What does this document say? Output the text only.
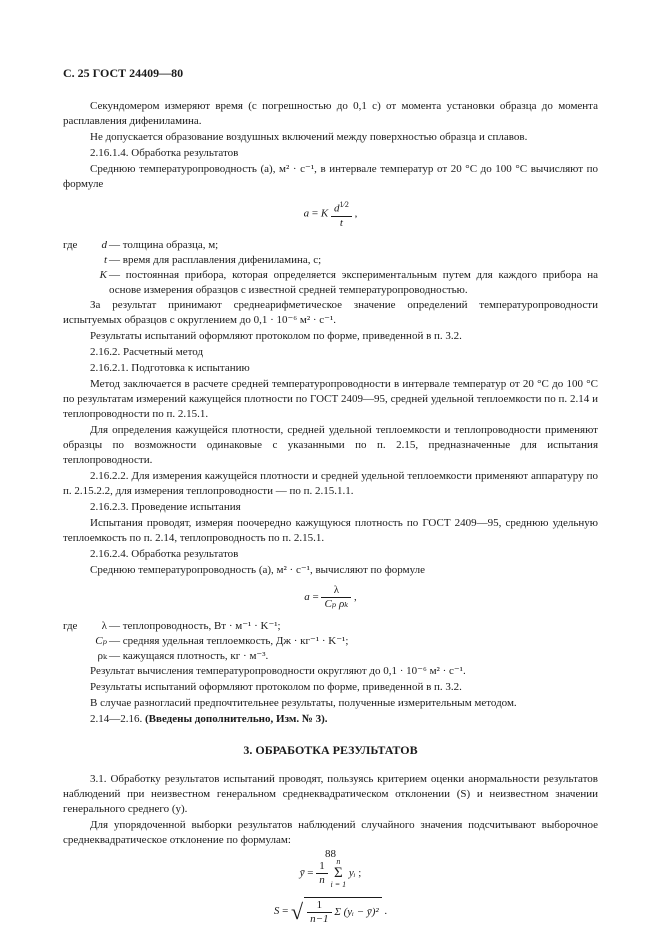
С. 25 ГОСТ 24409—80

Секундомером измеряют время (с погрешностью до 0,1 с) от момента установки образца до момента расплавления дифениламина.

Не допускается образование воздушных включений между поверхностью образца и сплавов.

2.16.1.4. Обработка результатов

Среднюю температуропроводность (a), м² · с⁻¹, в интервале температур от 20 °С до 100 °С вычисляют по формуле

a = K $\frac{d^{1⁄2}}{t}$ ,
где	d — толщина образца, м;
t — время для расплавления дифениламина, с;
K — постоянная прибора, которая определяется экспериментальным путем для каждого прибора на основе измерения образцов с известной средней температуропроводностью.

За результат принимают среднеарифметическое значение определений температуропроводности испытуемых образцов с округлением до 0,1 · 10⁻⁶ м² · с⁻¹.

Результаты испытаний оформляют протоколом по форме, приведенной в п. 3.2.

2.16.2. Расчетный метод

2.16.2.1. Подготовка к испытанию

Метод заключается в расчете средней температуропроводности в интервале температур от 20 °С до 100 °С по результатам измерений кажущейся плотности по ГОСТ 2409—95, средней удельной теплоемкости по п. 2.14 и теплопроводности по п. 2.15.1.

Для определения кажущейся плотности, средней удельной теплоемкости и теплопроводности применяют образцы по возможности одинаковые с указанными по п. 2.15, предназначенные для испытания теплопроводности.

2.16.2.2. Для измерения кажущейся плотности и средней удельной теплоемкости применяют аппаратуру по п. 2.15.2.2, для измерения теплопроводности — по п. 2.15.1.1.

2.16.2.3. Проведение испытания

Испытания проводят, измеряя поочередно кажущуюся плотность по ГОСТ 2409—95, среднюю удельную теплоемкость по п. 2.14, теплопроводность по п. 2.15.1.

2.16.2.4. Обработка результатов

Среднюю температуропроводность (a), м² · с⁻¹, вычисляют по формуле

$a = \frac{\lambda}{\text{Cₚ ρₖ}}$ ,
где	λ — теплопроводность, Вт · м⁻¹ · K⁻¹;
Cₚ — средняя удельная теплоемкость, Дж · кг⁻¹ · K⁻¹;
ρₖ — кажущаяся плотность, кг · м⁻³.

Результат вычисления температуропроводности округляют до 0,1 · 10⁻⁶ м² · с⁻¹.

Результаты испытаний оформляют протоколом по форме, приведенной в п. 3.2.

В случае разногласий предпочтительнее результаты, полученные измерительным методом.

2.14—2.16. (Введены дополнительно, Изм. № 3).

3. ОБРАБОТКА РЕЗУЛЬТАТОВ

3.1. Обработку результатов испытаний проводят, пользуясь критерием оценки анормальности результатов наблюдений при неизвестном генеральном среднеквадратическом отклонении (S) и неизвестном значении генерального среднего (y).

Для упорядоченной выборки результатов наблюдений случайного значения подсчитывают выборочное среднеквадратическое отклонение по формулам:

ȳ = $\frac{1}{n}$
	n
Σ
i = 1
yᵢ ;
S = √ $\frac{1}{n-1}$ Σ (yᵢ − ȳ)² .
88
